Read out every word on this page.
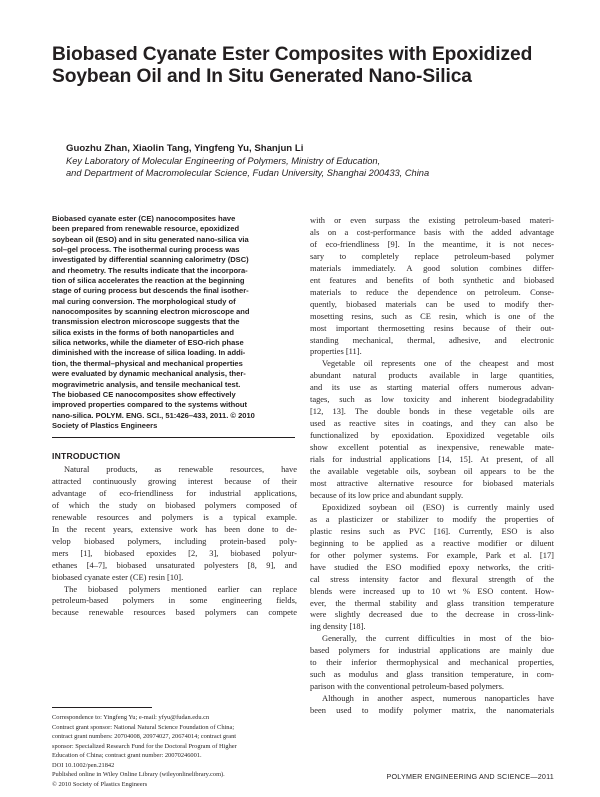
Biobased Cyanate Ester Composites with Epoxidized
Soybean Oil and In Situ Generated Nano-Silica
Guozhu Zhan, Xiaolin Tang, Yingfeng Yu, Shanjun Li
Key Laboratory of Molecular Engineering of Polymers, Ministry of Education,
and Department of Macromolecular Science, Fudan University, Shanghai 200433, China
Biobased cyanate ester (CE) nanocomposites have
been prepared from renewable resource, epoxidized
soybean oil (ESO) and in situ generated nano-silica via
sol–gel process. The isothermal curing process was
investigated by differential scanning calorimetry (DSC)
and rheometry. The results indicate that the incorpora-
tion of silica accelerates the reaction at the beginning
stage of curing process but descends the final isother-
mal curing conversion. The morphological study of
nanocomposites by scanning electron microscope and
transmission electron microscope suggests that the
silica exists in the forms of both nanoparticles and
silica networks, while the diameter of ESO-rich phase
diminished with the increase of silica loading. In addi-
tion, the thermal–physical and mechanical properties
were evaluated by dynamic mechanical analysis, ther-
mogravimetric analysis, and tensile mechanical test.
The biobased CE nanocomposites show effectively
improved properties compared to the systems without
nano-silica. POLYM. ENG. SCI., 51:426–433, 2011. © 2010
Society of Plastics Engineers
INTRODUCTION
Natural products, as renewable resources, have
attracted continuously growing interest because of their
advantage of eco-friendliness for industrial applications,
of which the study on biobased polymers composed of
renewable resources and polymers is a typical example.
In the recent years, extensive work has been done to de-
velop biobased polymers, including protein-based poly-
mers [1], biobased epoxides [2, 3], biobased polyur-
ethanes [4–7], biobased unsaturated polyesters [8, 9], and
biobased cyanate ester (CE) resin [10].
The biobased polymers mentioned earlier can replace
petroleum-based polymers in some engineering fields,
because renewable resources based polymers can compete
Correspondence to: Yingfeng Yu; e-mail: yfyu@fudan.edu.cn
Contract grant sponsor: National Natural Science Foundation of China;
contract grant numbers: 20704008, 20974027, 20674014; contract grant
sponsor: Specialized Research Fund for the Doctoral Program of Higher
Education of China; contract grant number: 20070246001.
DOI 10.1002/pen.21842
Published online in Wiley Online Library (wileyonlinelibrary.com).
© 2010 Society of Plastics Engineers
with or even surpass the existing petroleum-based materi-
als on a cost-performance basis with the added advantage
of eco-friendliness [9]. In the meantime, it is not neces-
sary to completely replace petroleum-based polymer
materials immediately. A good solution combines differ-
ent features and benefits of both synthetic and biobased
materials to reduce the dependence on petroleum. Conse-
quently, biobased materials can be used to modify ther-
mosetting resins, such as CE resin, which is one of the
most important thermosetting resins because of their out-
standing mechanical, thermal, adhesive, and electronic
properties [11].
Vegetable oil represents one of the cheapest and most
abundant natural products available in large quantities,
and its use as starting material offers numerous advan-
tages, such as low toxicity and inherent biodegradability
[12, 13]. The double bonds in these vegetable oils are
used as reactive sites in coatings, and they can also be
functionalized by epoxidation. Epoxidized vegetable oils
show excellent potential as inexpensive, renewable mate-
rials for industrial applications [14, 15]. At present, of all
the available vegetable oils, soybean oil appears to be the
most attractive alternative resource for biobased materials
because of its low price and abundant supply.
Epoxidized soybean oil (ESO) is currently mainly used
as a plasticizer or stabilizer to modify the properties of
plastic resins such as PVC [16]. Currently, ESO is also
beginning to be applied as a reactive modifier or diluent
for other polymer systems. For example, Park et al. [17]
have studied the ESO modified epoxy networks, the criti-
cal stress intensity factor and flexural strength of the
blends were increased up to 10 wt % ESO content. How-
ever, the thermal stability and glass transition temperature
were slightly decreased due to the decrease in cross-link-
ing density [18].
Generally, the current difficulties in most of the bio-
based polymers for industrial applications are mainly due
to their inferior thermophysical and mechanical properties,
such as modulus and glass transition temperature, in com-
parison with the conventional petroleum-based polymers.
Although in another aspect, numerous nanoparticles have
been used to modify polymer matrix, the nanomaterials
POLYMER ENGINEERING AND SCIENCE—2011
